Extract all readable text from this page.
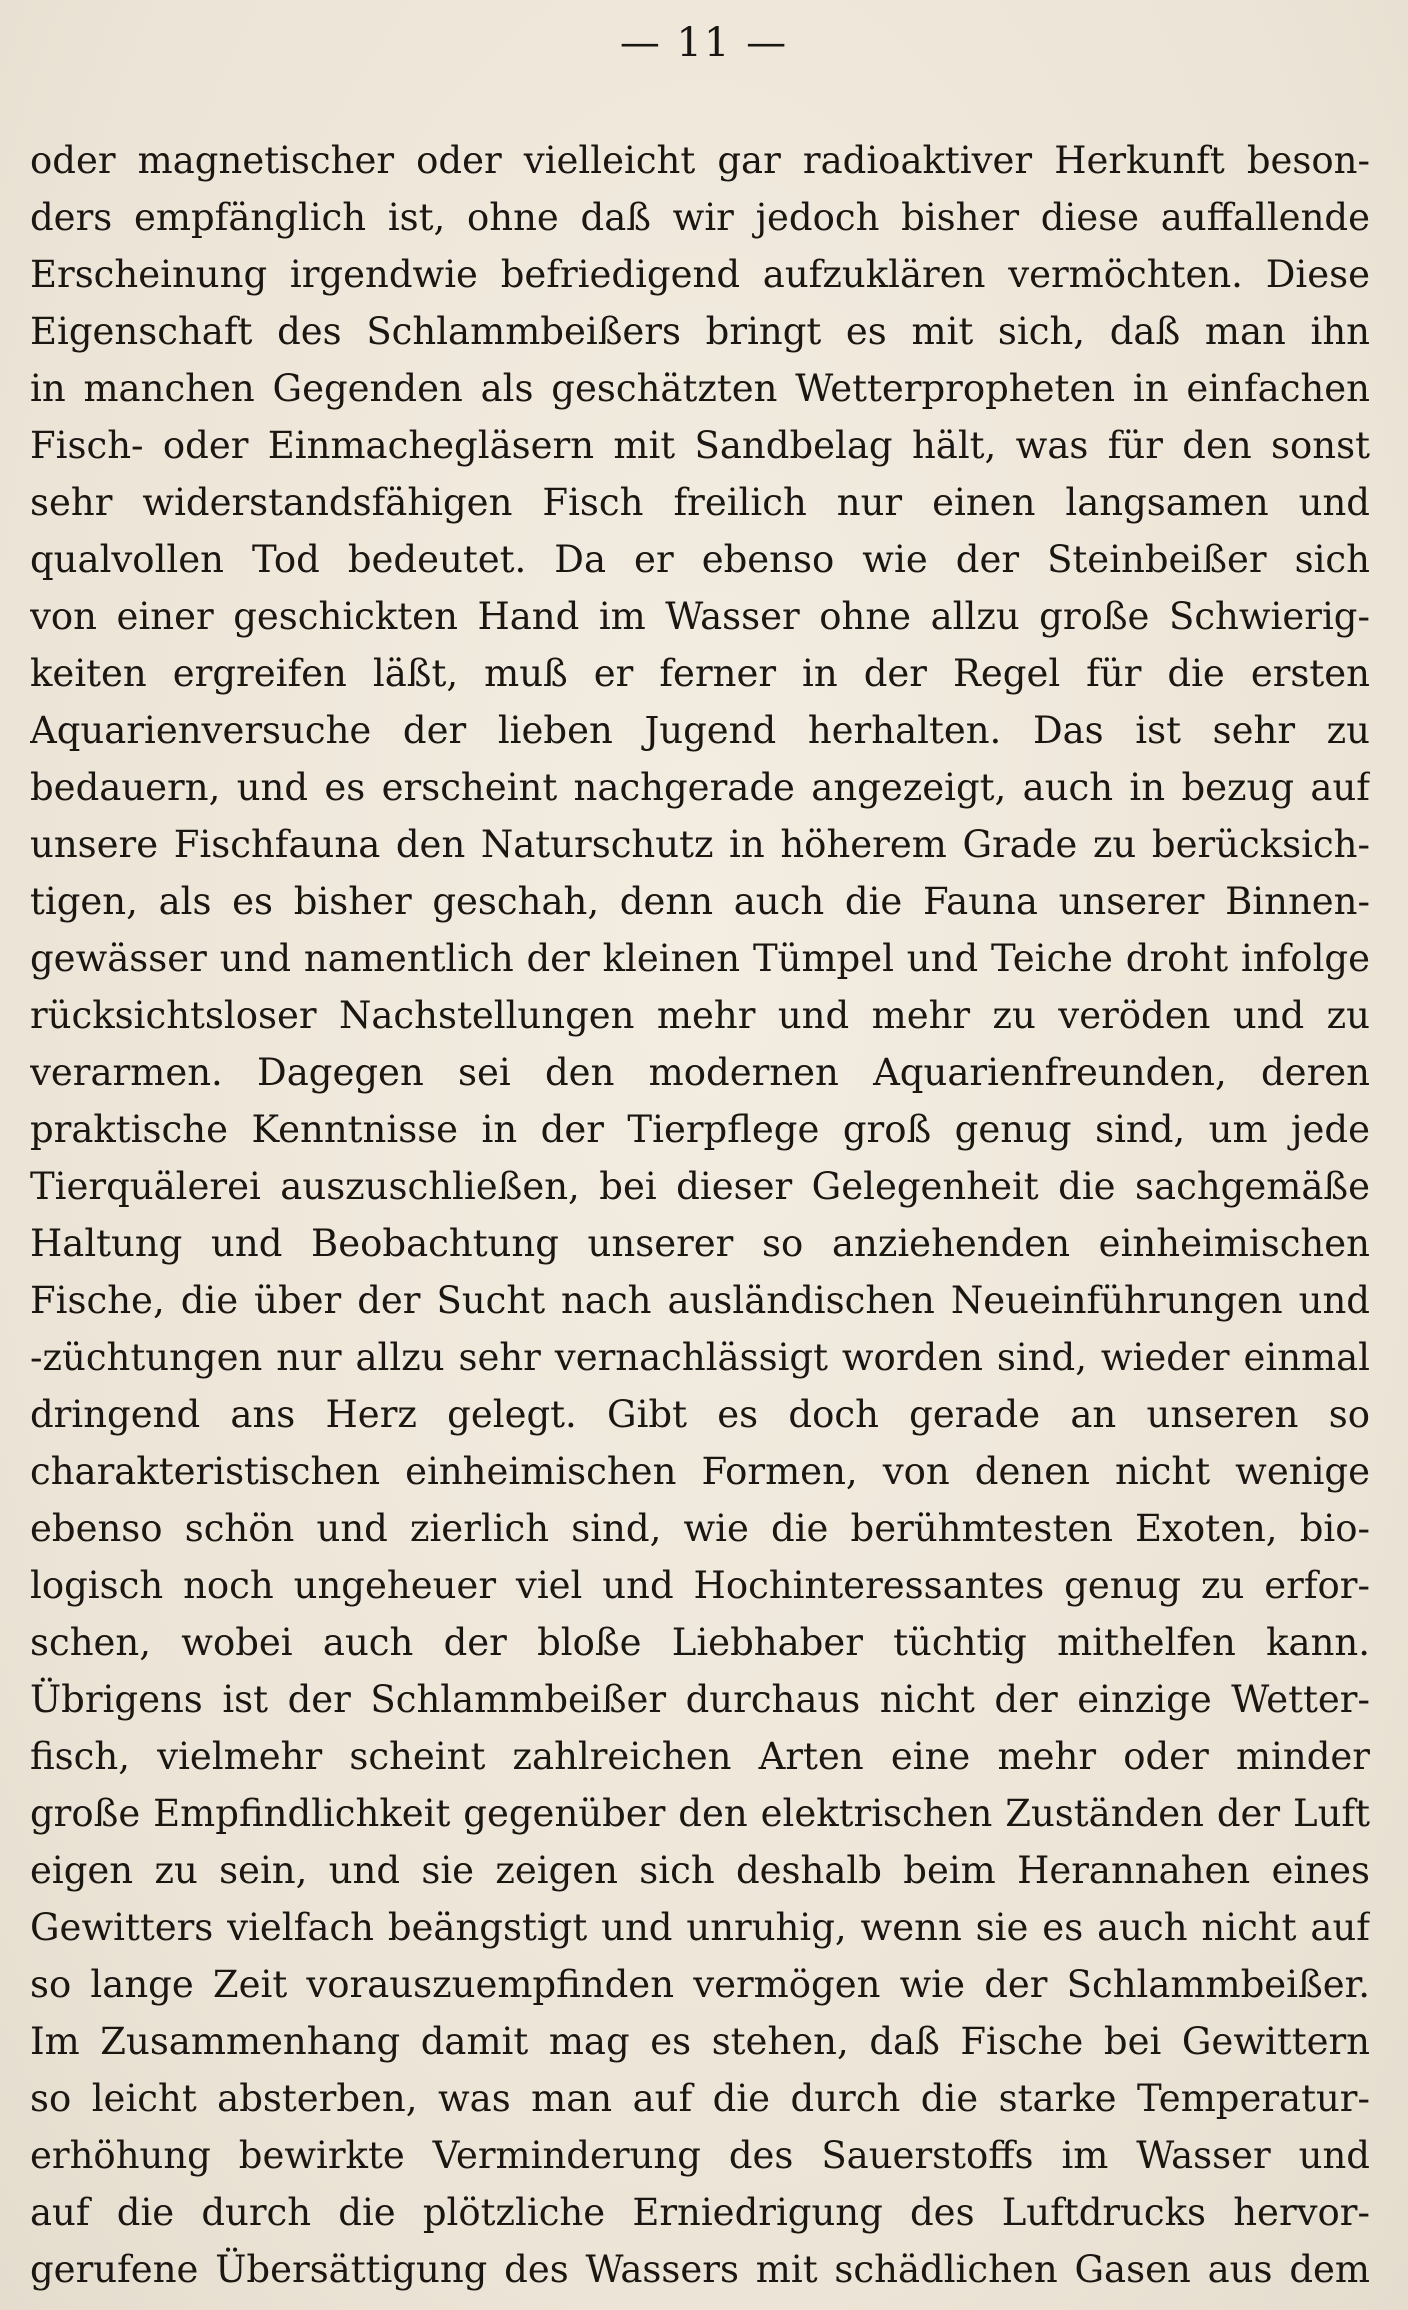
— 11 —
oder magnetischer oder vielleicht gar radioaktiver Herkunft beson-
ders empfänglich ist, ohne daß wir jedoch bisher diese auffallende
Erscheinung irgendwie befriedigend aufzuklären vermöchten. Diese
Eigenschaft des Schlammbeißers bringt es mit sich, daß man ihn
in manchen Gegenden als geschätzten Wetterpropheten in einfachen
Fisch- oder Einmachegläsern mit Sandbelag hält, was für den sonst
sehr widerstandsfähigen Fisch freilich nur einen langsamen und
qualvollen Tod bedeutet. Da er ebenso wie der Steinbeißer sich
von einer geschickten Hand im Wasser ohne allzu große Schwierig-
keiten ergreifen läßt, muß er ferner in der Regel für die ersten
Aquarienversuche der lieben Jugend herhalten. Das ist sehr zu
bedauern, und es erscheint nachgerade angezeigt, auch in bezug auf
unsere Fischfauna den Naturschutz in höherem Grade zu berücksich-
tigen, als es bisher geschah, denn auch die Fauna unserer Binnen-
gewässer und namentlich der kleinen Tümpel und Teiche droht infolge
rücksichtsloser Nachstellungen mehr und mehr zu veröden und zu
verarmen. Dagegen sei den modernen Aquarienfreunden, deren
praktische Kenntnisse in der Tierpflege groß genug sind, um jede
Tierquälerei auszuschließen, bei dieser Gelegenheit die sachgemäße
Haltung und Beobachtung unserer so anziehenden einheimischen
Fische, die über der Sucht nach ausländischen Neueinführungen und
-züchtungen nur allzu sehr vernachlässigt worden sind, wieder einmal
dringend ans Herz gelegt. Gibt es doch gerade an unseren so
charakteristischen einheimischen Formen, von denen nicht wenige
ebenso schön und zierlich sind, wie die berühmtesten Exoten, bio-
logisch noch ungeheuer viel und Hochinteressantes genug zu erfor-
schen, wobei auch der bloße Liebhaber tüchtig mithelfen kann.
Übrigens ist der Schlammbeißer durchaus nicht der einzige Wetter-
fisch, vielmehr scheint zahlreichen Arten eine mehr oder minder
große Empfindlichkeit gegenüber den elektrischen Zuständen der Luft
eigen zu sein, und sie zeigen sich deshalb beim Herannahen eines
Gewitters vielfach beängstigt und unruhig, wenn sie es auch nicht auf
so lange Zeit vorauszuempfinden vermögen wie der Schlammbeißer.
Im Zusammenhang damit mag es stehen, daß Fische bei Gewittern
so leicht absterben, was man auf die durch die starke Temperatur-
erhöhung bewirkte Verminderung des Sauerstoffs im Wasser und
auf die durch die plötzliche Erniedrigung des Luftdrucks hervor-
gerufene Übersättigung des Wassers mit schädlichen Gasen aus dem
